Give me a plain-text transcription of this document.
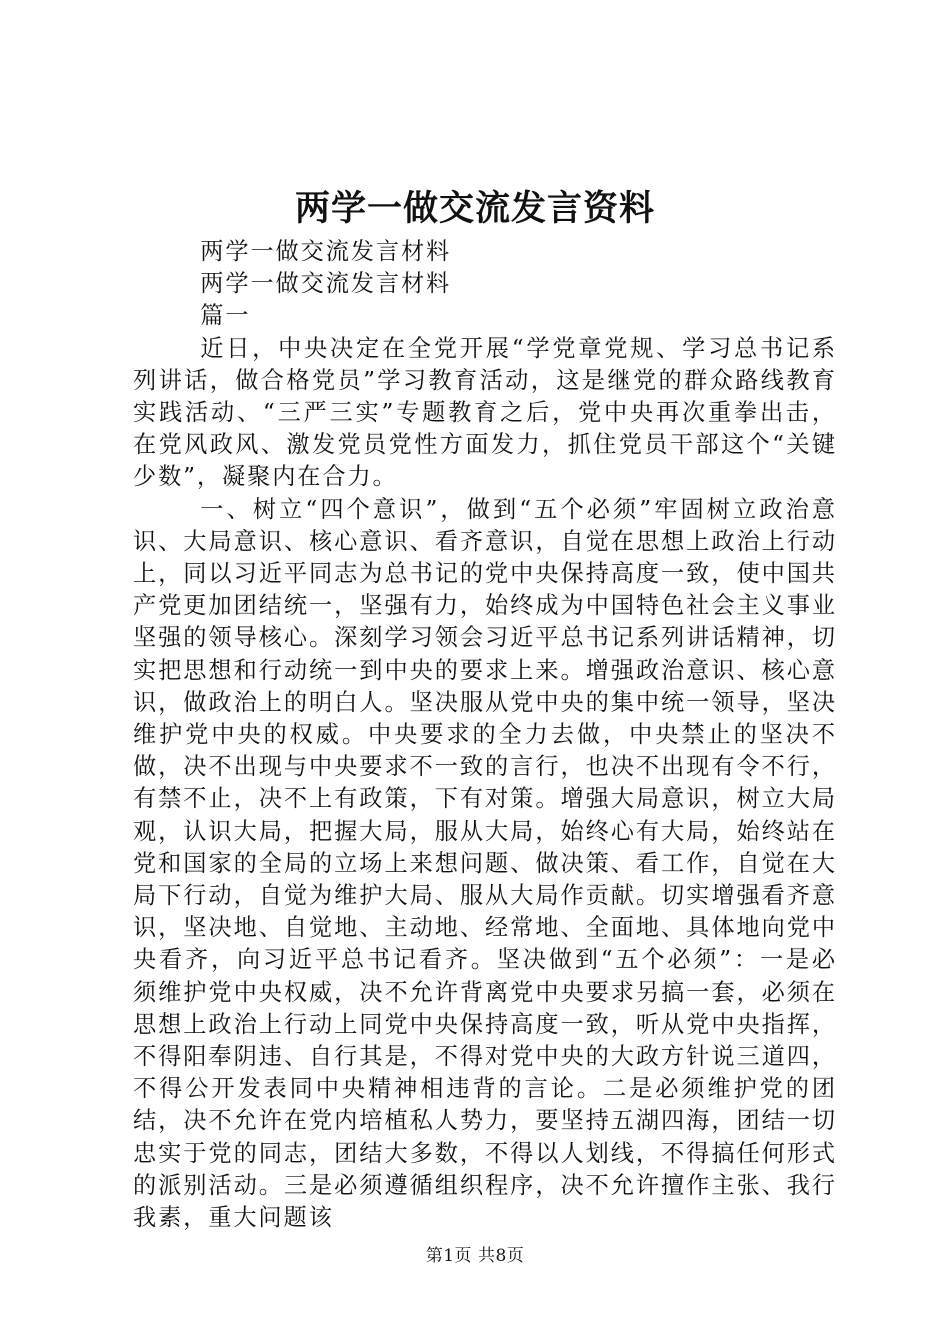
两学一做交流发言资料

两学一做交流发言材料

两学一做交流发言材料

篇一

近日，中央决定在全党开展“学党章党规、学习总书记系列讲话，做合格党员”学习教育活动，这是继党的群众路线教育实践活动、“三严三实”专题教育之后，党中央再次重拳出击，在党风政风、激发党员党性方面发力，抓住党员干部这个“关键少数”，凝聚内在合力。

一、树立“四个意识”，做到“五个必须”牢固树立政治意识、大局意识、核心意识、看齐意识，自觉在思想上政治上行动上，同以习近平同志为总书记的党中央保持高度一致，使中国共产党更加团结统一，坚强有力，始终成为中国特色社会主义事业坚强的领导核心。深刻学习领会习近平总书记系列讲话精神，切实把思想和行动统一到中央的要求上来。增强政治意识、核心意识，做政治上的明白人。坚决服从党中央的集中统一领导，坚决维护党中央的权威。中央要求的全力去做，中央禁止的坚决不做，决不出现与中央要求不一致的言行，也决不出现有令不行，有禁不止，决不上有政策，下有对策。增强大局意识，树立大局观，认识大局，把握大局，服从大局，始终心有大局，始终站在党和国家的全局的立场上来想问题、做决策、看工作，自觉在大局下行动，自觉为维护大局、服从大局作贡献。切实增强看齐意识，坚决地、自觉地、主动地、经常地、全面地、具体地向党中央看齐，向习近平总书记看齐。坚决做到“五个必须”：一是必须维护党中央权威，决不允许背离党中央要求另搞一套，必须在思想上政治上行动上同党中央保持高度一致，听从党中央指挥，不得阳奉阴违、自行其是，不得对党中央的大政方针说三道四，不得公开发表同中央精神相违背的言论。二是必须维护党的团结，决不允许在党内培植私人势力，要坚持五湖四海，团结一切忠实于党的同志，团结大多数，不得以人划线，不得搞任何形式的派别活动。三是必须遵循组织程序，决不允许擅作主张、我行我素，重大问题该

第1页 共8页
